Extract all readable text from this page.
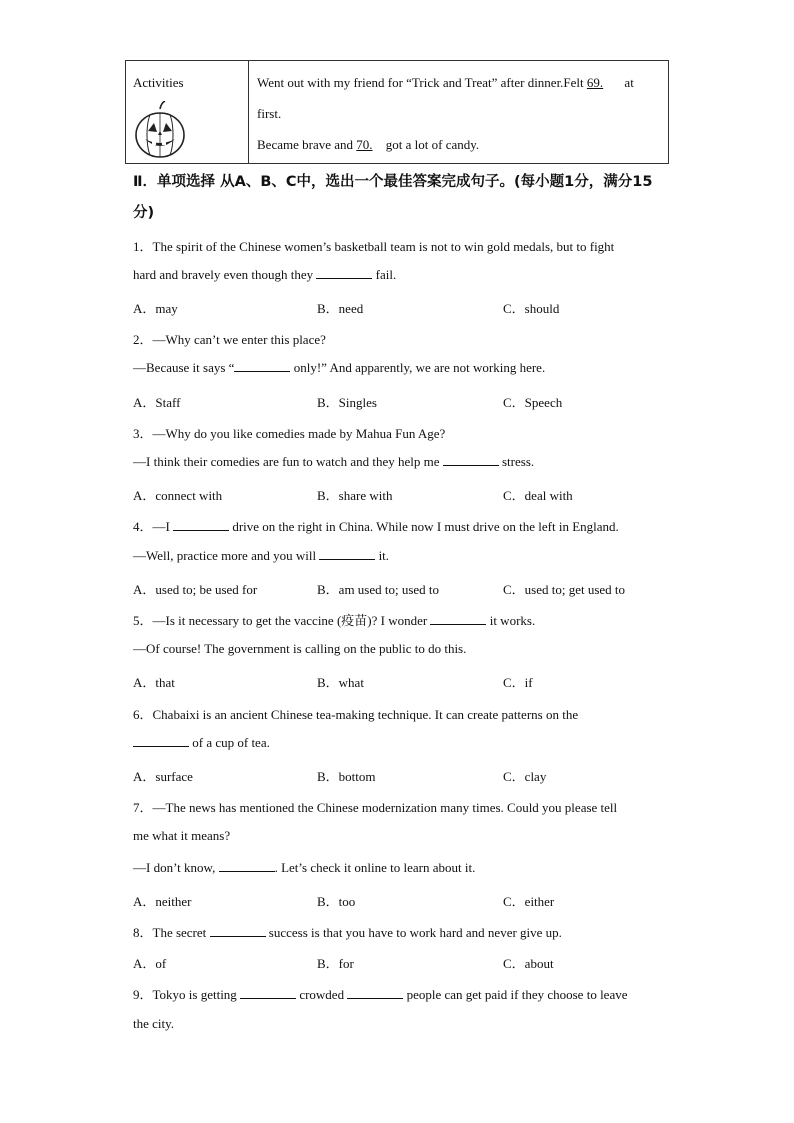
Activities	Went out with my friend for “Trick and Treat” after dinner.Felt 69. at
first.
Became brave and 70. got a lot of candy.
Ⅱ．单项选择 从A、B、C中，选出一个最佳答案完成句子。(每小题1分，满分15分)
1．The spirit of the Chinese women’s basketball team is not to win gold medals, but to fight
hard and bravely even though they	fail.
A．may	B．need	C．should
2．—Why can’t we enter this place?
—Because it says “	only!” And apparently, we are not working here.
A．Staff	B．Singles	C．Speech
3．—Why do you like comedies made by Mahua Fun Age?
—I think their comedies are fun to watch and they help me	stress.
A．connect with	B．share with	C．deal with
4．—I	drive on the right in China. While now I must drive on the left in England.
—Well, practice more and you will	it.
A．used to; be used for	B．am used to; used to	C．used to; get used to
5．—Is it necessary to get the vaccine (疫苗)? I wonder	it works.
—Of course! The government is calling on the public to do this.
A．that	B．what	C．if
6．Chabaixi is an ancient Chinese tea-making technique. It can create patterns on the
of a cup of tea.
A．surface	B．bottom	C．clay
7．—The news has mentioned the Chinese modernization many times. Could you please tell
me what it means?
—I don’t know,	. Let’s check it online to learn about it.
A．neither	B．too	C．either
8．The secret	success is that you have to work hard and never give up.
A．of	B．for	C．about
9．Tokyo is getting	crowded	people can get paid if they choose to leave
the city.
